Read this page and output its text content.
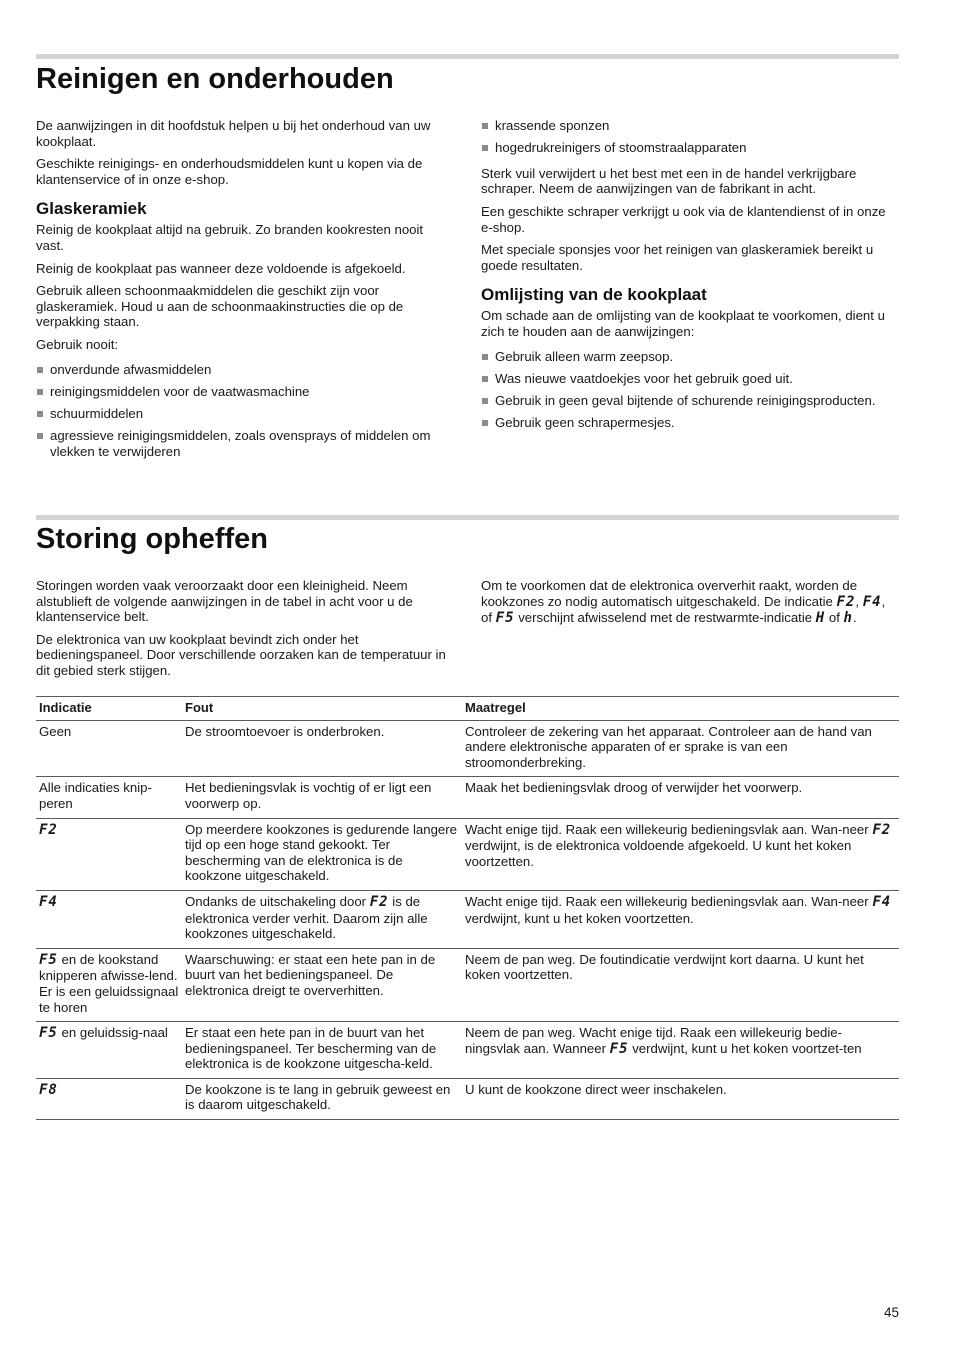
Reinigen en onderhouden

De aanwijzingen in dit hoofdstuk helpen u bij het onderhoud van uw kookplaat.

Geschikte reinigings- en onderhoudsmiddelen kunt u kopen via de klantenservice of in onze e-shop.

Glaskeramiek

Reinig de kookplaat altijd na gebruik. Zo branden kookresten nooit vast.

Reinig de kookplaat pas wanneer deze voldoende is afgekoeld.

Gebruik alleen schoonmaakmiddelen die geschikt zijn voor glaskeramiek. Houd u aan de schoonmaakinstructies die op de verpakking staan.

Gebruik nooit:

onverdunde afwasmiddelen
reinigingsmiddelen voor de vaatwasmachine
schuurmiddelen
agressieve reinigingsmiddelen, zoals ovensprays of middelen om vlekken te verwijderen
krassende sponzen
hogedrukreinigers of stoomstraalapparaten

Sterk vuil verwijdert u het best met een in de handel verkrijgbare schraper. Neem de aanwijzingen van de fabrikant in acht.

Een geschikte schraper verkrijgt u ook via de klantendienst of in onze e-shop.

Met speciale sponsjes voor het reinigen van glaskeramiek bereikt u goede resultaten.

Omlijsting van de kookplaat

Om schade aan de omlijsting van de kookplaat te voorkomen, dient u zich te houden aan de aanwijzingen:

Gebruik alleen warm zeepsop.
Was nieuwe vaatdoekjes voor het gebruik goed uit.
Gebruik in geen geval bijtende of schurende reinigingsproducten.
Gebruik geen schrapermesjes.
Storing opheffen

Storingen worden vaak veroorzaakt door een kleinigheid. Neem alstublieft de volgende aanwijzingen in de tabel in acht voor u de klantenservice belt.

De elektronica van uw kookplaat bevindt zich onder het bedieningspaneel. Door verschillende oorzaken kan de temperatuur in dit gebied sterk stijgen.

Om te voorkomen dat de elektronica oververhit raakt, worden de kookzones zo nodig automatisch uitgeschakeld. De indicatie F2, F4, of F5 verschijnt afwisselend met de restwarmte-indicatie H of h.

Indicatie	Fout	Maatregel
Geen	De stroomtoevoer is onderbroken.	Controleer de zekering van het apparaat. Controleer aan de hand van andere elektronische apparaten of er sprake is van een stroomonderbreking.
Alle indicaties knip-peren	Het bedieningsvlak is vochtig of er ligt een voorwerp op.	Maak het bedieningsvlak droog of verwijder het voorwerp.
F2	Op meerdere kookzones is gedurende langere tijd op een hoge stand gekookt. Ter bescherming van de elektronica is de kookzone uitgeschakeld.	Wacht enige tijd. Raak een willekeurig bedieningsvlak aan. Wan-neer F2 verdwijnt, is de elektronica voldoende afgekoeld. U kunt het koken voortzetten.
F4	Ondanks de uitschakeling door F2 is de elektronica verder verhit. Daarom zijn alle kookzones uitgeschakeld.	Wacht enige tijd. Raak een willekeurig bedieningsvlak aan. Wan-neer F4 verdwijnt, kunt u het koken voortzetten.
F5 en de kookstand knipperen afwisse-lend. Er is een geluidssignaal te horen	Waarschuwing: er staat een hete pan in de buurt van het bedieningspaneel. De elektronica dreigt te oververhitten.	Neem de pan weg. De foutindicatie verdwijnt kort daarna. U kunt het koken voortzetten.
F5 en geluidssig-naal	Er staat een hete pan in de buurt van het bedieningspaneel. Ter bescherming van de elektronica is de kookzone uitgescha-keld.	Neem de pan weg. Wacht enige tijd. Raak een willekeurig bedie-ningsvlak aan. Wanneer F5 verdwijnt, kunt u het koken voortzet-ten
F8	De kookzone is te lang in gebruik geweest en is daarom uitgeschakeld.	U kunt de kookzone direct weer inschakelen.
45
